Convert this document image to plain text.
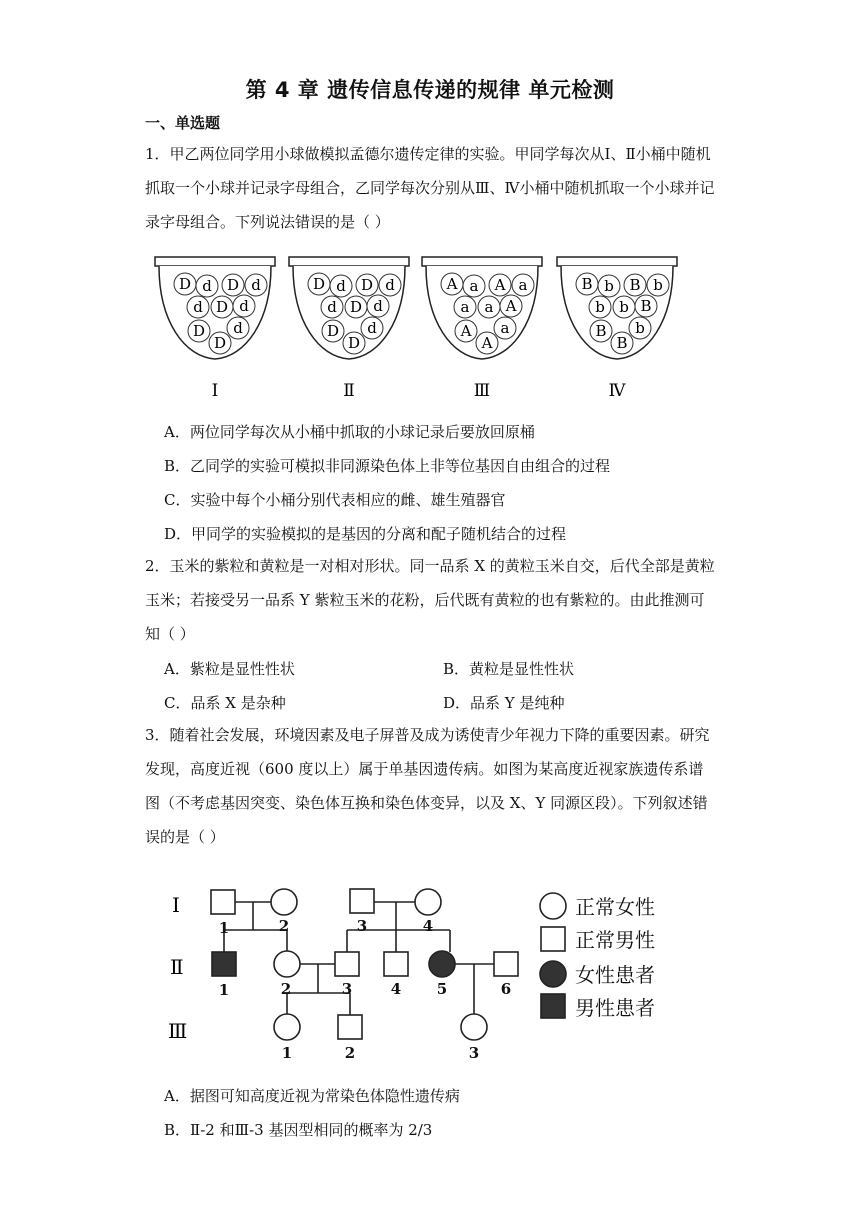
第 4 章 遗传信息传递的规律 单元检测
一、单选题
1．甲乙两位同学用小球做模拟孟德尔遗传定律的实验。甲同学每次从Ⅰ、Ⅱ小桶中随机抓取一个小球并记录字母组合，乙同学每次分别从Ⅲ、Ⅳ小桶中随机抓取一个小球并记录字母组合。下列说法错误的是（ ）
D d D d
d D d
D d
D
Ⅰ
D d D d
d D d
D d
D
Ⅱ
A a A a
a a A
A a
A
Ⅲ
B b B b
b b B
B b
B
Ⅳ
A．两位同学每次从小桶中抓取的小球记录后要放回原桶
B．乙同学的实验可模拟非同源染色体上非等位基因自由组合的过程
C．实验中每个小桶分别代表相应的雌、雄生殖器官
D．甲同学的实验模拟的是基因的分离和配子随机结合的过程
2．玉米的紫粒和黄粒是一对相对形状。同一品系 X 的黄粒玉米自交，后代全部是黄粒玉米；若接受另一品系 Y 紫粒玉米的花粉，后代既有黄粒的也有紫粒的。由此推测可知（ ）
A．紫粒是显性性状	B．黄粒是显性性状
C．品系 X 是杂种	D．品系 Y 是纯种
3．随着社会发展，环境因素及电子屏普及成为诱使青少年视力下降的重要因素。研究发现，高度近视（600 度以上）属于单基因遗传病。如图为某高度近视家族遗传系谱图（不考虑基因突变、染色体互换和染色体变异，以及 X、Y 同源区段）。下列叙述错误的是（ ）
Ⅰ
Ⅱ
Ⅲ
1	2	3	4
1	2	3	4 5	6
1	2	3
正常女性
正常男性
女性患者
男性患者
A．据图可知高度近视为常染色体隐性遗传病
B．Ⅱ-2 和Ⅲ-3 基因型相同的概率为 2/3
